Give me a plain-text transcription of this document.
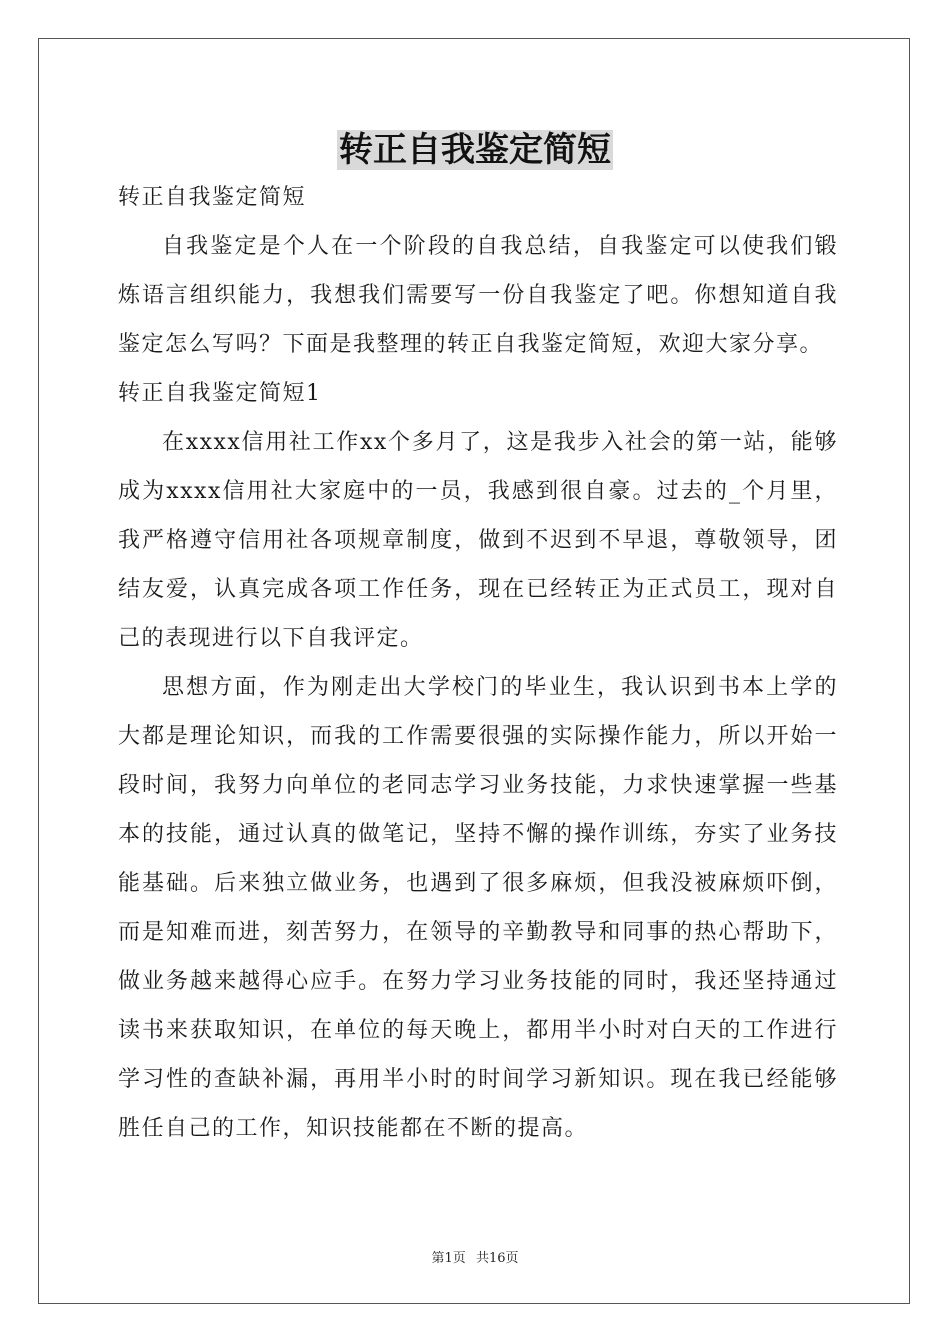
转正自我鉴定简短

转正自我鉴定简短

自我鉴定是个人在一个阶段的自我总结，自我鉴定可以使我们锻炼语言组织能力，我想我们需要写一份自我鉴定了吧。你想知道自我鉴定怎么写吗？下面是我整理的转正自我鉴定简短，欢迎大家分享。

转正自我鉴定简短1

在xxxx信用社工作xx个多月了，这是我步入社会的第一站，能够成为xxxx信用社大家庭中的一员，我感到很自豪。过去的_个月里，我严格遵守信用社各项规章制度，做到不迟到不早退，尊敬领导，团结友爱，认真完成各项工作任务，现在已经转正为正式员工，现对自己的表现进行以下自我评定。

思想方面，作为刚走出大学校门的毕业生，我认识到书本上学的大都是理论知识，而我的工作需要很强的实际操作能力，所以开始一段时间，我努力向单位的老同志学习业务技能，力求快速掌握一些基本的技能，通过认真的做笔记，坚持不懈的操作训练，夯实了业务技能基础。后来独立做业务，也遇到了很多麻烦，但我没被麻烦吓倒，而是知难而进，刻苦努力，在领导的辛勤教导和同事的热心帮助下，做业务越来越得心应手。在努力学习业务技能的同时，我还坚持通过读书来获取知识，在单位的每天晚上，都用半小时对白天的工作进行学习性的查缺补漏，再用半小时的时间学习新知识。现在我已经能够胜任自己的工作，知识技能都在不断的提高。

第1页 共16页
